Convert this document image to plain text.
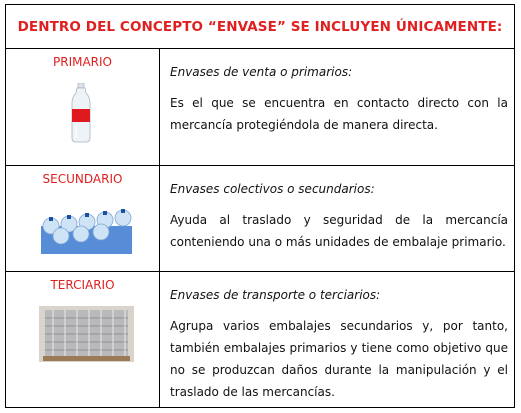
DENTRO DEL CONCEPTO “ENVASE” SE INCLUYEN ÚNICAMENTE:
PRIMARIO
Envases de venta o primarios:
Es el que se encuentra en contacto directo con la mercancía protegiéndola de manera directa.
SECUNDARIO
Envases colectivos o secundarios:
Ayuda al traslado y seguridad de la mercancía conteniendo una o más unidades de embalaje primario.
TERCIARIO
Envases de transporte o terciarios:
Agrupa varios embalajes secundarios y, por tanto, también embalajes primarios y tiene como objetivo que no se produzcan daños durante la manipulación y el traslado de las mercancías.
